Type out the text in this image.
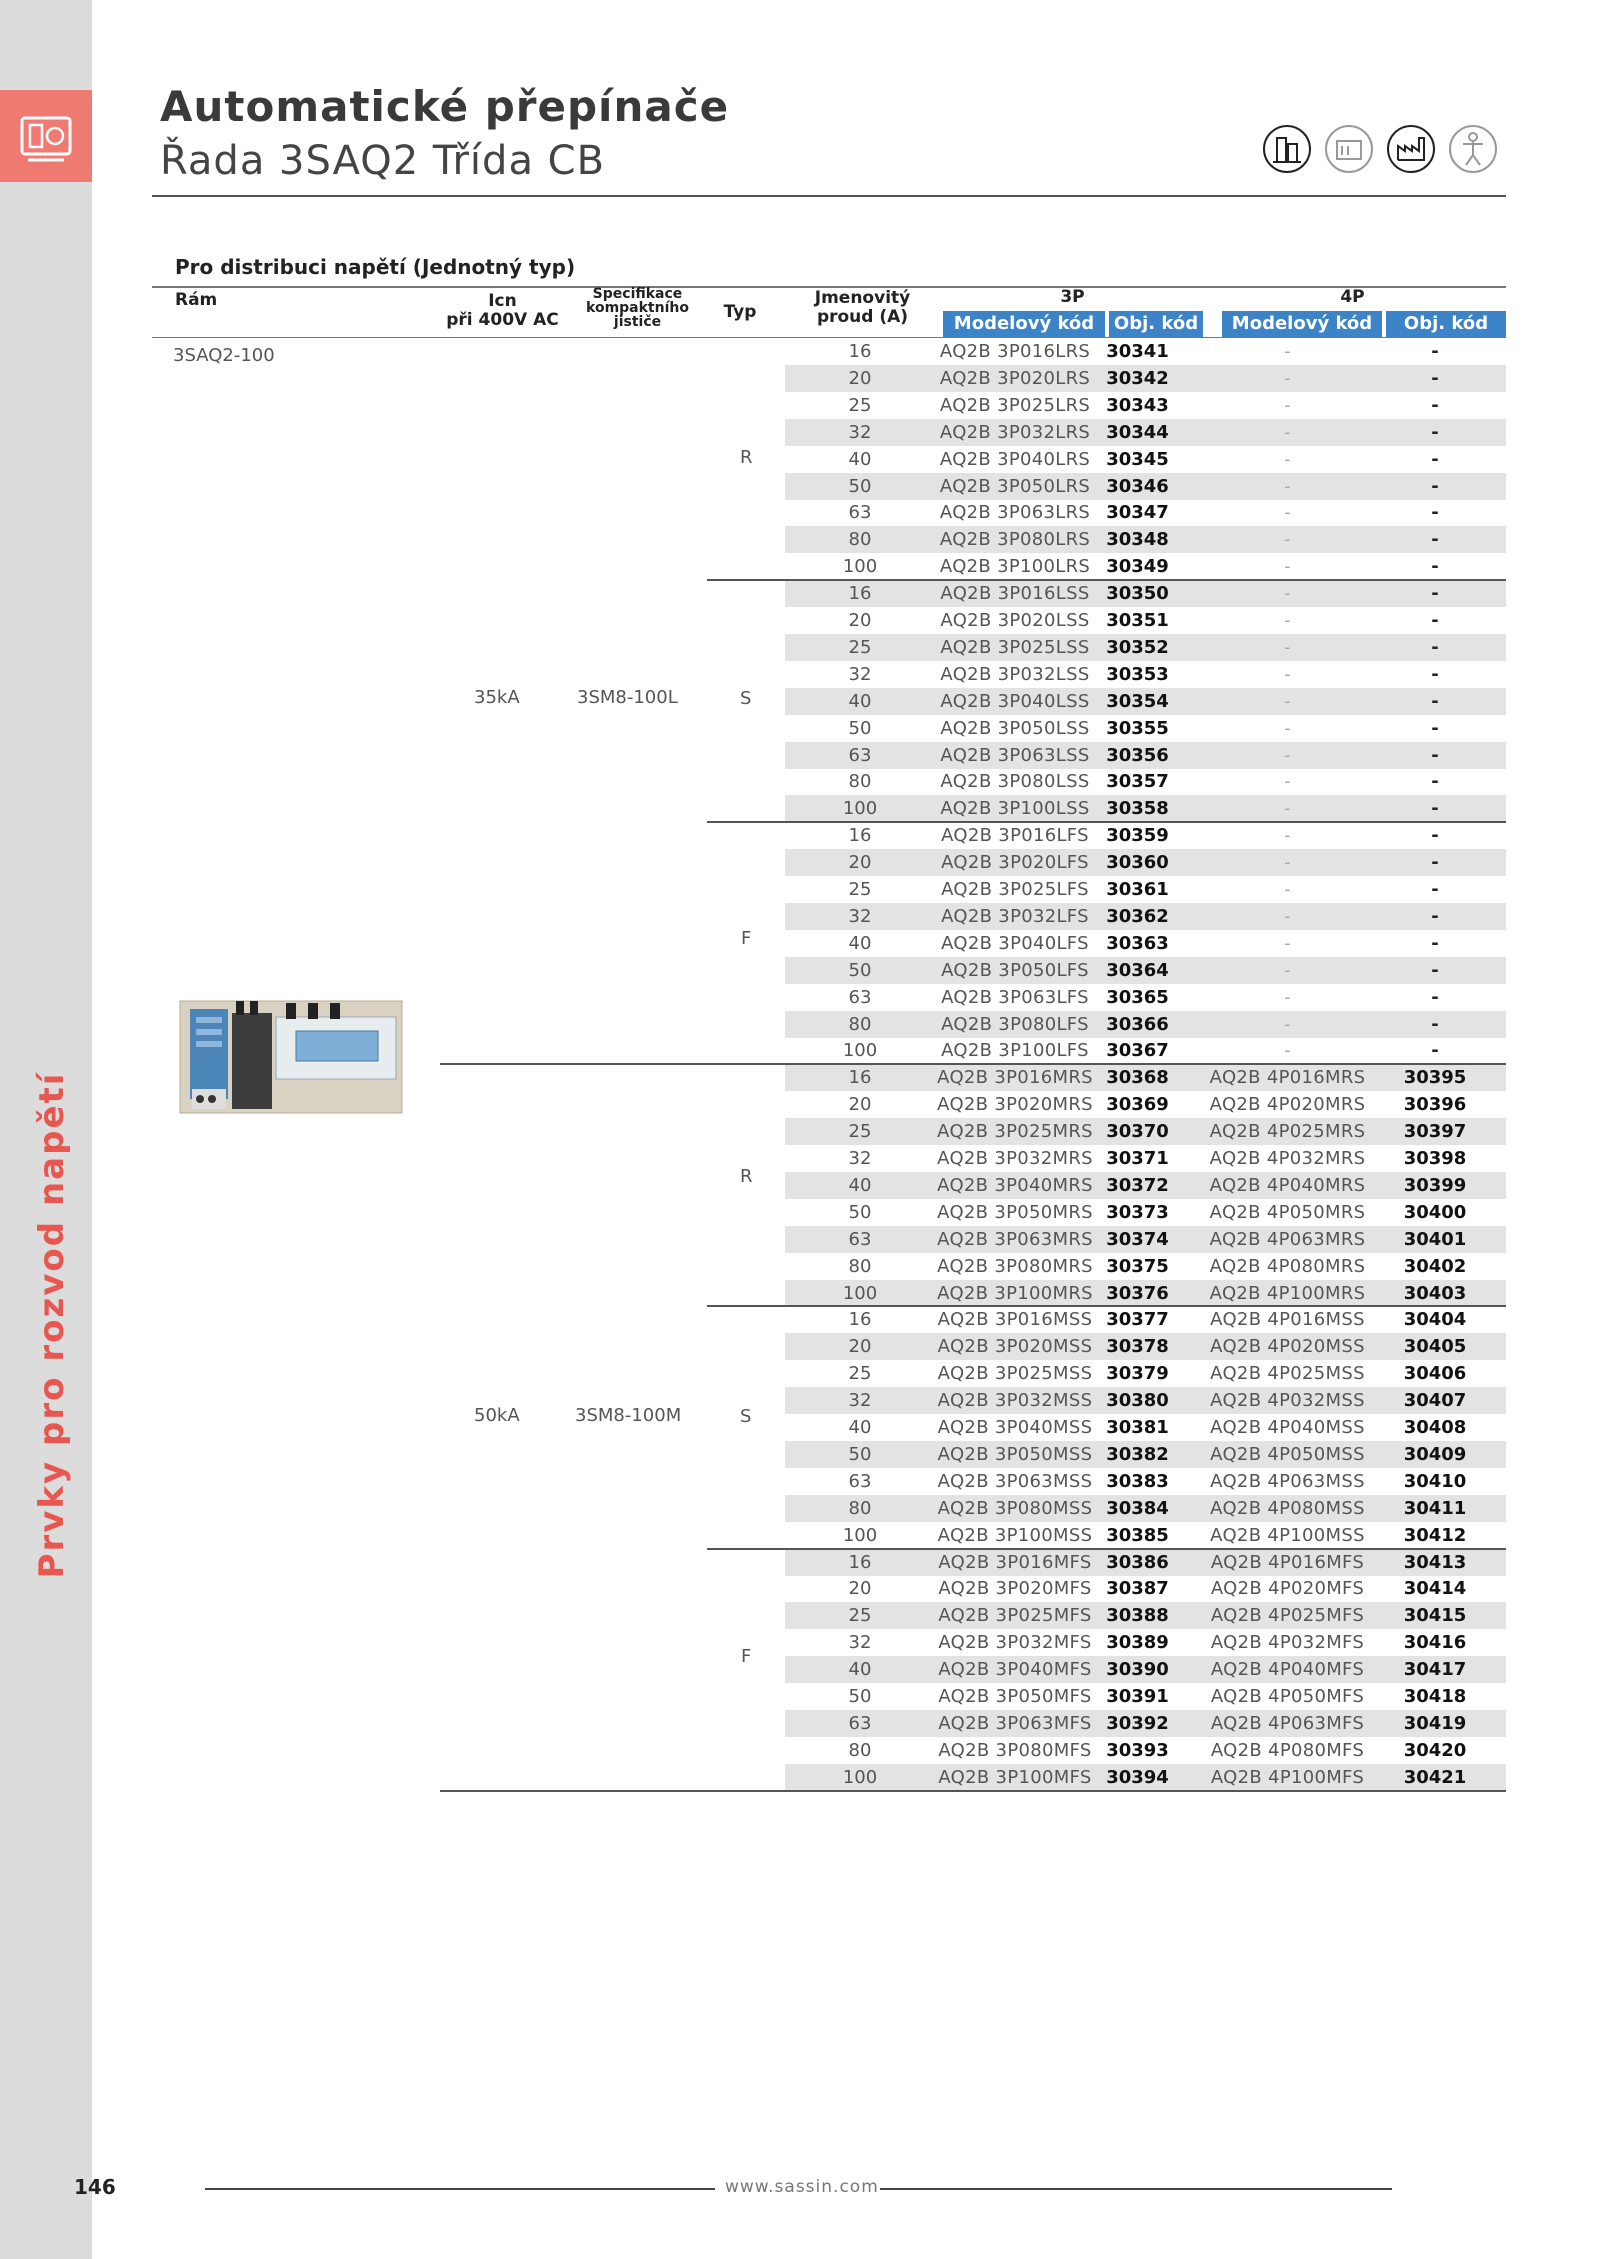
Prvky pro rozvod napětí
146
Automatické přepínače
Řada 3SAQ2 Třída CB
Pro distribuci napětí (Jednotný typ)
Rám	Icn
při 400V AC
Specifikace
kompaktního
jističe	Typ
Jmenovitý
proud (A)
3P	4P
Modelový kód	Obj. kód	Modelový kód	Obj. kód
3SAQ2-100
35kA	3SM8-100L
50kA	3SM8-100M
R
S
F
R
S
F
16	AQ2B 3P016LRS 30341	-	-
20	AQ2B 3P020LRS 30342	-	-
25	AQ2B 3P025LRS 30343	-	-
32	AQ2B 3P032LRS 30344	-	-
40	AQ2B 3P040LRS 30345	-	-
50	AQ2B 3P050LRS 30346	-	-
63	AQ2B 3P063LRS 30347	-	-
80	AQ2B 3P080LRS 30348	-	-
100	AQ2B 3P100LRS 30349	-	-
16	AQ2B 3P016LSS 30350	-	-
20	AQ2B 3P020LSS 30351	-	-
25	AQ2B 3P025LSS 30352	-	-
32	AQ2B 3P032LSS 30353	-	-
40	AQ2B 3P040LSS 30354	-	-
50	AQ2B 3P050LSS 30355	-	-
63	AQ2B 3P063LSS 30356	-	-
80	AQ2B 3P080LSS 30357	-	-
100	AQ2B 3P100LSS 30358	-	-
16	AQ2B 3P016LFS 30359	-	-
20	AQ2B 3P020LFS 30360	-	-
25	AQ2B 3P025LFS 30361	-	-
32	AQ2B 3P032LFS 30362	-	-
40	AQ2B 3P040LFS 30363	-	-
50	AQ2B 3P050LFS 30364	-	-
63	AQ2B 3P063LFS 30365	-	-
80	AQ2B 3P080LFS 30366	-	-
100	AQ2B 3P100LFS 30367	-	-
16	AQ2B 3P016MRS 30368	AQ2B 4P016MRS	30395
20	AQ2B 3P020MRS 30369	AQ2B 4P020MRS	30396
25	AQ2B 3P025MRS 30370	AQ2B 4P025MRS	30397
32	AQ2B 3P032MRS 30371	AQ2B 4P032MRS	30398
40	AQ2B 3P040MRS 30372	AQ2B 4P040MRS	30399
50	AQ2B 3P050MRS 30373	AQ2B 4P050MRS	30400
63	AQ2B 3P063MRS 30374	AQ2B 4P063MRS	30401
80	AQ2B 3P080MRS 30375	AQ2B 4P080MRS	30402
100	AQ2B 3P100MRS 30376	AQ2B 4P100MRS	30403
16	AQ2B 3P016MSS 30377	AQ2B 4P016MSS	30404
20	AQ2B 3P020MSS 30378	AQ2B 4P020MSS	30405
25	AQ2B 3P025MSS 30379	AQ2B 4P025MSS	30406
32	AQ2B 3P032MSS 30380	AQ2B 4P032MSS	30407
40	AQ2B 3P040MSS 30381	AQ2B 4P040MSS	30408
50	AQ2B 3P050MSS 30382	AQ2B 4P050MSS	30409
63	AQ2B 3P063MSS 30383	AQ2B 4P063MSS	30410
80	AQ2B 3P080MSS 30384	AQ2B 4P080MSS	30411
100	AQ2B 3P100MSS 30385	AQ2B 4P100MSS	30412
16	AQ2B 3P016MFS 30386	AQ2B 4P016MFS	30413
20	AQ2B 3P020MFS 30387	AQ2B 4P020MFS	30414
25	AQ2B 3P025MFS 30388	AQ2B 4P025MFS	30415
32	AQ2B 3P032MFS 30389	AQ2B 4P032MFS	30416
40	AQ2B 3P040MFS 30390	AQ2B 4P040MFS	30417
50	AQ2B 3P050MFS 30391	AQ2B 4P050MFS	30418
63	AQ2B 3P063MFS 30392	AQ2B 4P063MFS	30419
80	AQ2B 3P080MFS 30393	AQ2B 4P080MFS	30420
100	AQ2B 3P100MFS 30394	AQ2B 4P100MFS	30421
www.sassin.com
